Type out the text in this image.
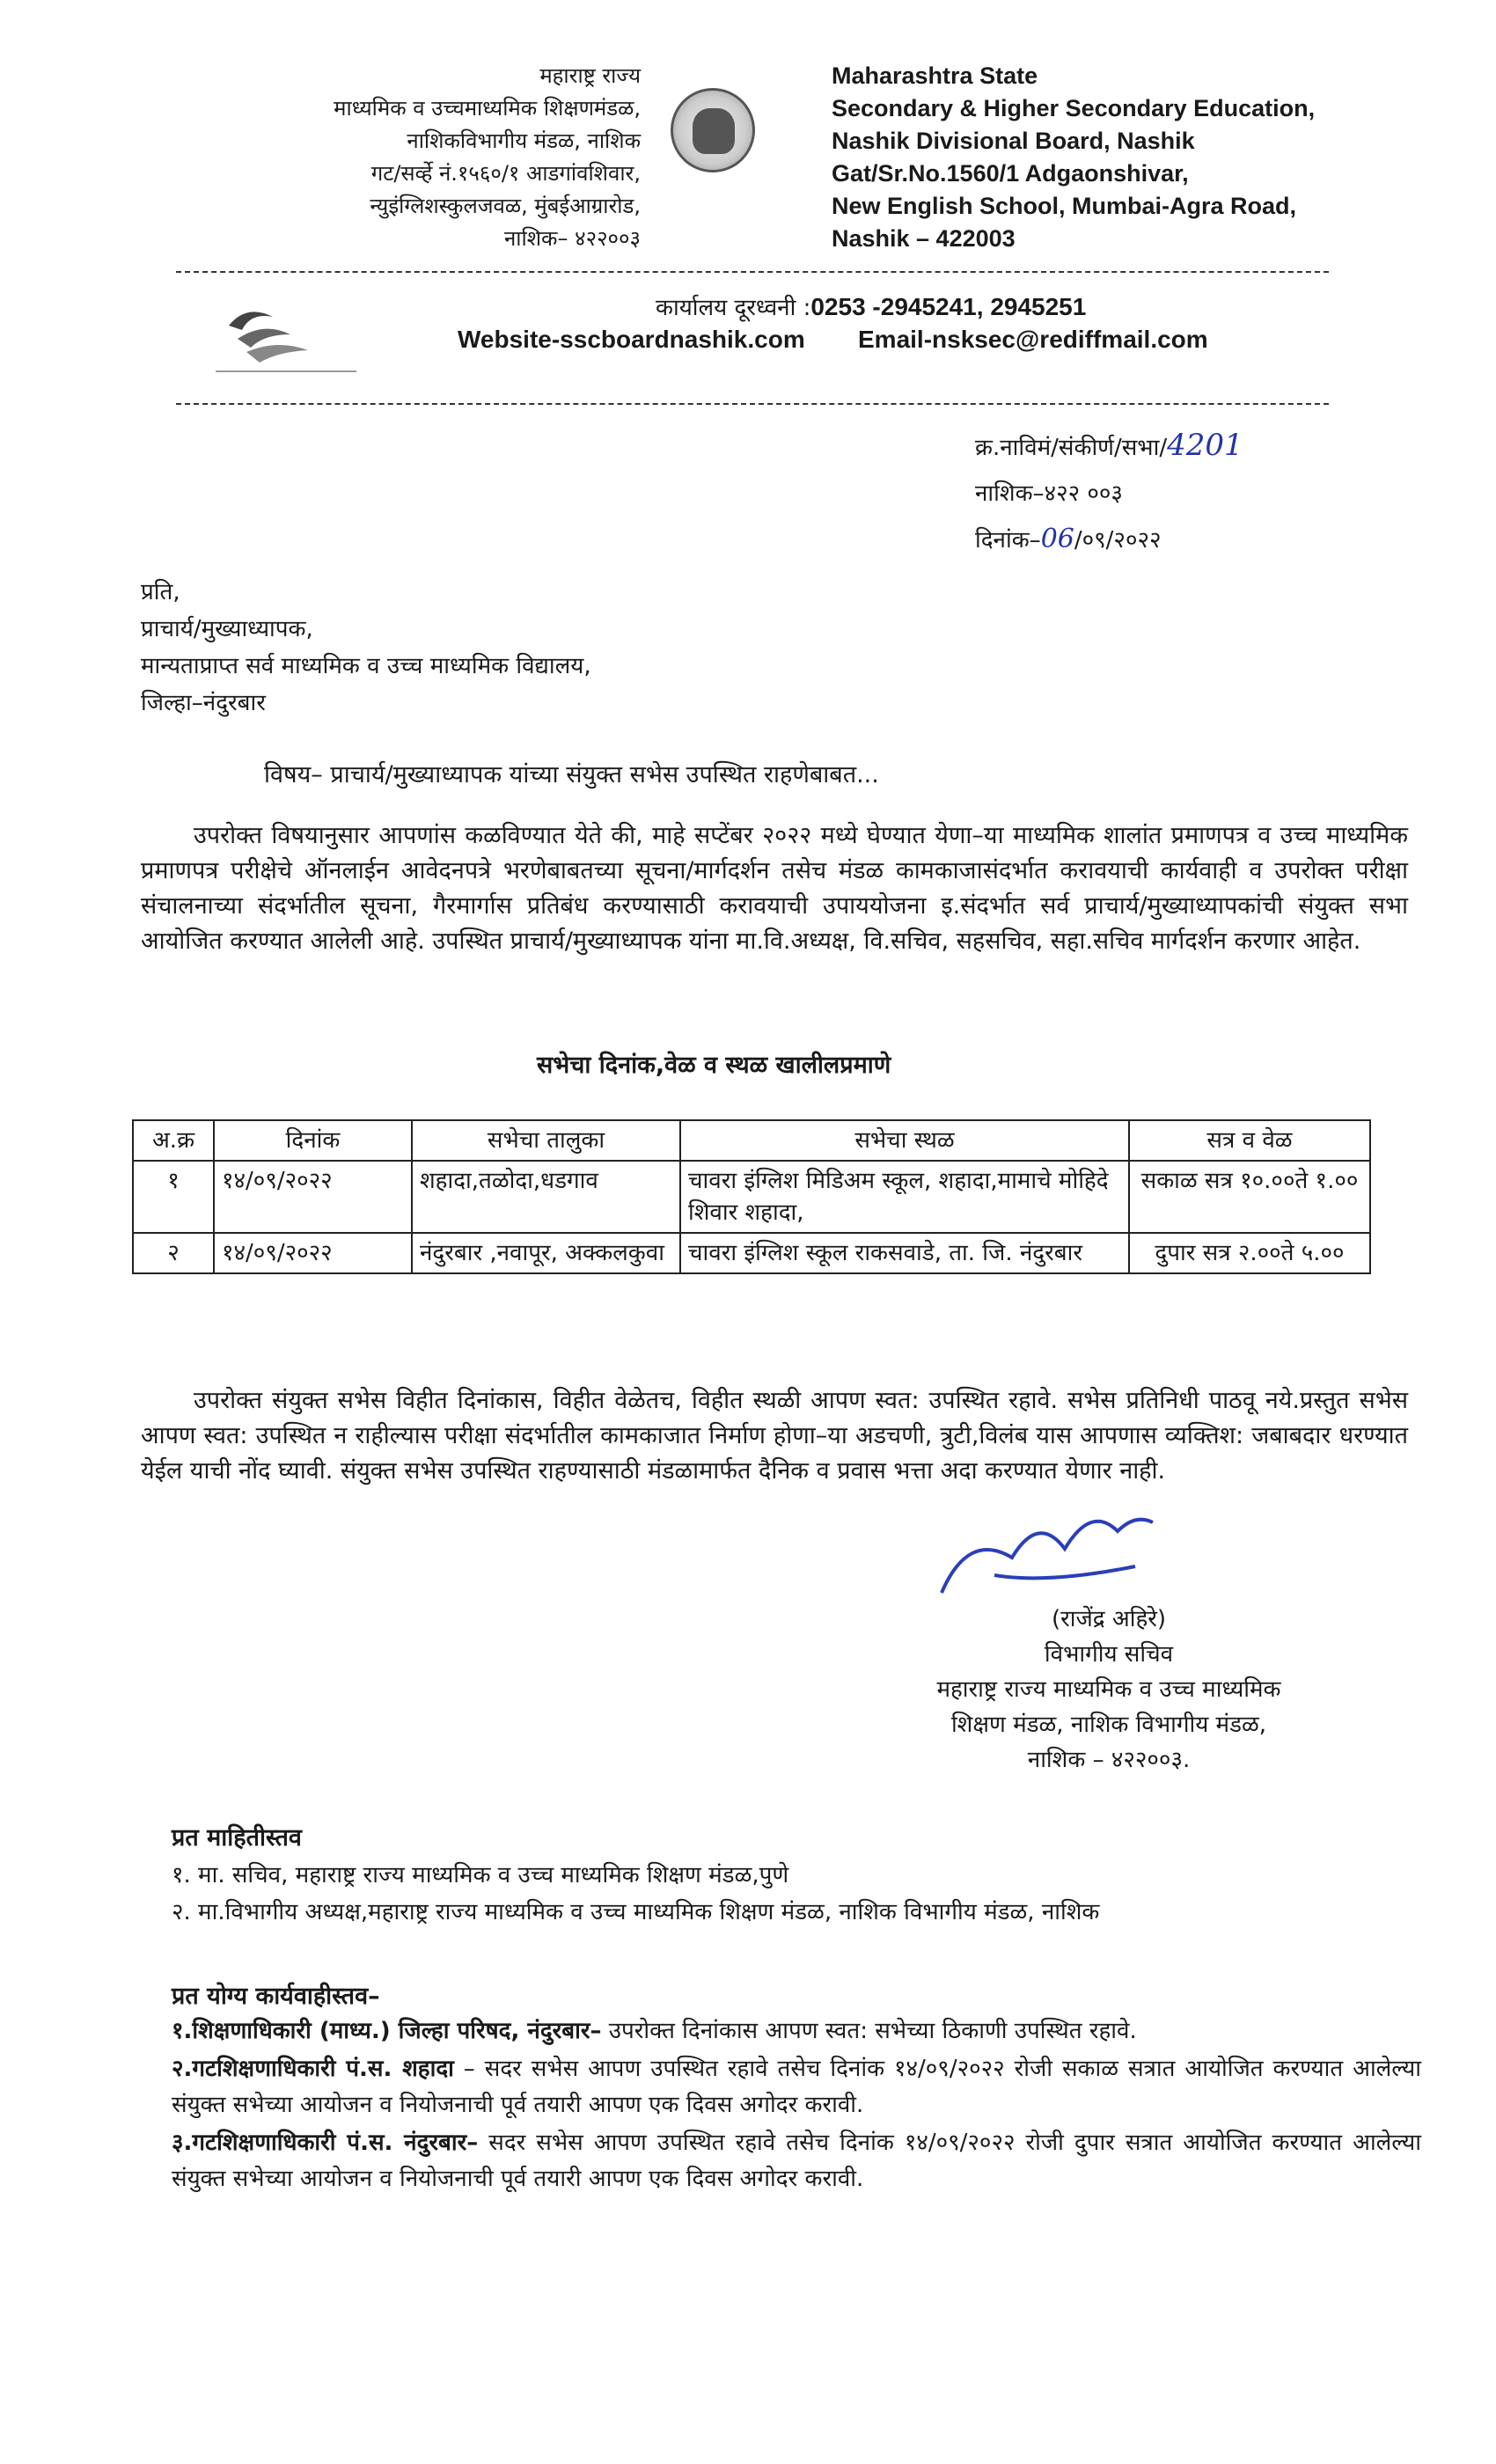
महाराष्ट्र राज्य
माध्यमिक व उच्चमाध्यमिक शिक्षणमंडळ,
नाशिकविभागीय मंडळ, नाशिक
गट/सर्व्हे नं.१५६०/१ आडगांवशिवार,
न्युइंग्लिशस्कुलजवळ, मुंबईआग्रारोड,
नाशिक– ४२२००३
Maharashtra State
Secondary & Higher Secondary Education,
Nashik Divisional Board, Nashik
Gat/Sr.No.1560/1 Adgaonshivar,
New English School, Mumbai-Agra Road,
Nashik – 422003
कार्यालय दूरध्वनी :0253 -2945241, 2945251
Website-sscboardnashik.com Email-nsksec@rediffmail.com
क्र.नाविमं/संकीर्ण/सभा/4201
नाशिक–४२२ ००३
दिनांक–06/०९/२०२२
प्रति,
प्राचार्य/मुख्याध्यापक,
मान्यताप्राप्त सर्व माध्यमिक व उच्च माध्यमिक विद्यालय,
जिल्हा–नंदुरबार
विषय– प्राचार्य/मुख्याध्यापक यांच्या संयुक्त सभेस उपस्थित राहणेबाबत...
उपरोक्त विषयानुसार आपणांस कळविण्यात येते की, माहे सप्टेंबर २०२२ मध्ये घेण्यात येणा–या माध्यमिक शालांत प्रमाणपत्र व उच्च माध्यमिक प्रमाणपत्र परीक्षेचे ऑनलाईन आवेदनपत्रे भरणेबाबतच्या सूचना/मार्गदर्शन तसेच मंडळ कामकाजासंदर्भात करावयाची कार्यवाही व उपरोक्त परीक्षा संचालनाच्या संदर्भातील सूचना, गैरमार्गास प्रतिबंध करण्यासाठी करावयाची उपाययोजना इ.संदर्भात सर्व प्राचार्य/मुख्याध्यापकांची संयुक्त सभा आयोजित करण्यात आलेली आहे. उपस्थित प्राचार्य/मुख्याध्यापक यांना मा.वि.अध्यक्ष, वि.सचिव, सहसचिव, सहा.सचिव मार्गदर्शन करणार आहेत.
सभेचा दिनांक,वेळ व स्थळ खालीलप्रमाणे
अ.क्र	दिनांक	सभेचा तालुका	सभेचा स्थळ	सत्र व वेळ
१	१४/०९/२०२२	शहादा,तळोदा,धडगाव	चावरा इंग्लिश मिडिअम स्कूल, शहादा,मामाचे मोहिदे शिवार शहादा,	सकाळ सत्र १०.००ते १.००
२	१४/०९/२०२२	नंदुरबार ,नवापूर, अक्कलकुवा	चावरा इंग्लिश स्कूल राकसवाडे, ता. जि. नंदुरबार	दुपार सत्र २.००ते ५.००
उपरोक्त संयुक्त सभेस विहीत दिनांकास, विहीत वेळेतच, विहीत स्थळी आपण स्वत: उपस्थित रहावे. सभेस प्रतिनिधी पाठवू नये.प्रस्तुत सभेस आपण स्वत: उपस्थित न राहील्यास परीक्षा संदर्भातील कामकाजात निर्माण होणा–या अडचणी, त्रुटी,विलंब यास आपणास व्यक्तिश: जबाबदार धरण्यात येईल याची नोंद घ्यावी. संयुक्त सभेस उपस्थित राहण्यासाठी मंडळामार्फत दैनिक व प्रवास भत्ता अदा करण्यात येणार नाही.
(राजेंद्र अहिरे)
विभागीय सचिव
महाराष्ट्र राज्य माध्यमिक व उच्च माध्यमिक
शिक्षण मंडळ, नाशिक विभागीय मंडळ,
नाशिक – ४२२००३.
प्रत माहितीस्तव
१. मा. सचिव, महाराष्ट्र राज्य माध्यमिक व उच्च माध्यमिक शिक्षण मंडळ,पुणे
२. मा.विभागीय अध्यक्ष,महाराष्ट्र राज्य माध्यमिक व उच्च माध्यमिक शिक्षण मंडळ, नाशिक विभागीय मंडळ, नाशिक
प्रत योग्य कार्यवाहीस्तव–
१.शिक्षणाधिकारी (माध्य.) जिल्हा परिषद, नंदुरबार– उपरोक्त दिनांकास आपण स्वत: सभेच्या ठिकाणी उपस्थित रहावे.
२.गटशिक्षणाधिकारी पं.स. शहादा – सदर सभेस आपण उपस्थित रहावे तसेच दिनांक १४/०९/२०२२ रोजी सकाळ सत्रात आयोजित करण्यात आलेल्या संयुक्त सभेच्या आयोजन व नियोजनाची पूर्व तयारी आपण एक दिवस अगोदर करावी.
३.गटशिक्षणाधिकारी पं.स. नंदुरबार– सदर सभेस आपण उपस्थित रहावे तसेच दिनांक १४/०९/२०२२ रोजी दुपार सत्रात आयोजित करण्यात आलेल्या संयुक्त सभेच्या आयोजन व नियोजनाची पूर्व तयारी आपण एक दिवस अगोदर करावी.
